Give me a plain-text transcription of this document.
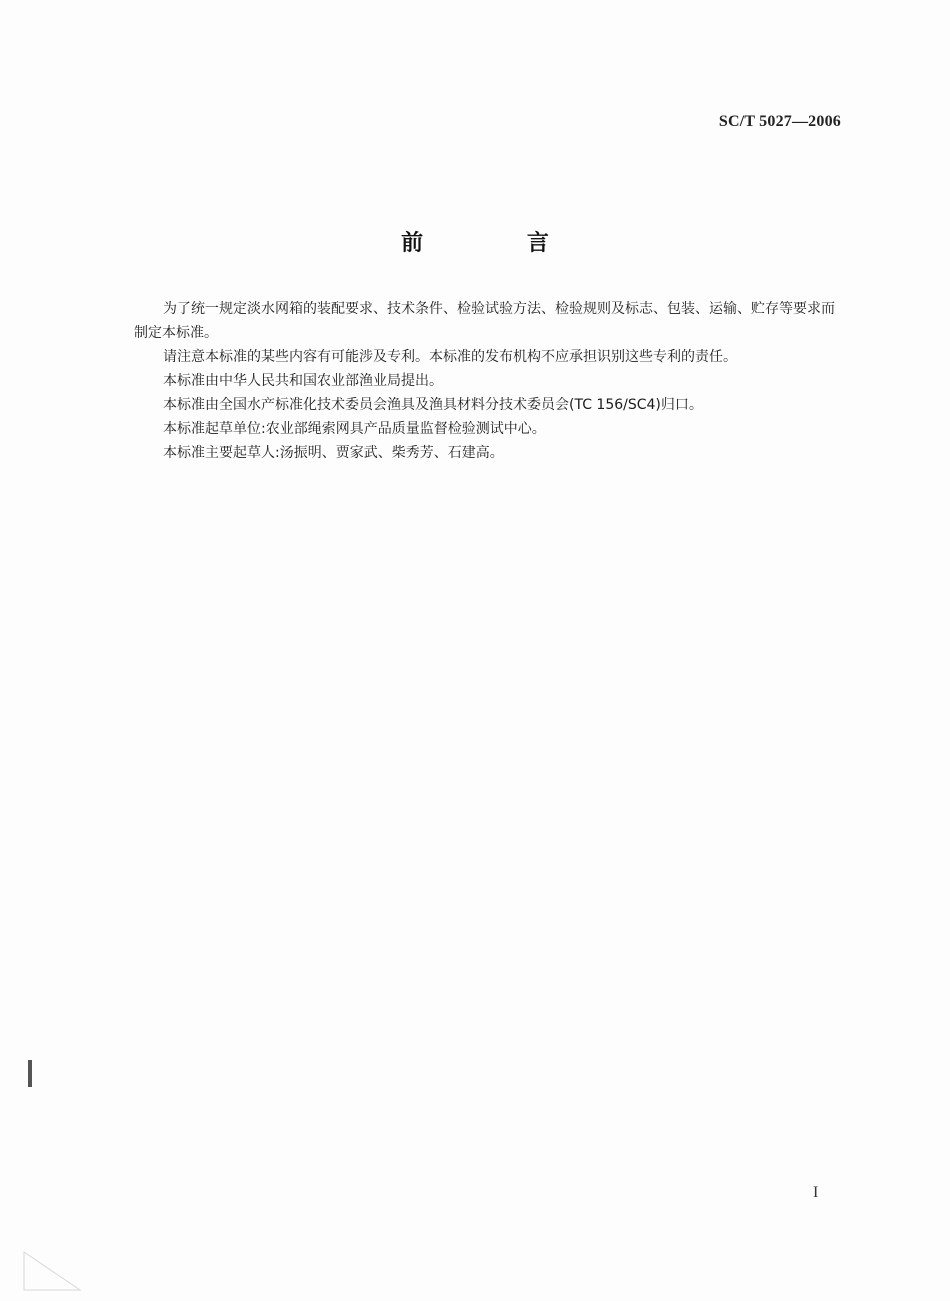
SC/T 5027—2006
前 言

为了统一规定淡水网箱的装配要求、技术条件、检验试验方法、检验规则及标志、包装、运输、贮存等要求而制定本标准。

请注意本标准的某些内容有可能涉及专利。本标准的发布机构不应承担识别这些专利的责任。

本标准由中华人民共和国农业部渔业局提出。

本标准由全国水产标准化技术委员会渔具及渔具材料分技术委员会(TC 156/SC4)归口。

本标准起草单位:农业部绳索网具产品质量监督检验测试中心。

本标准主要起草人:汤振明、贾家武、柴秀芳、石建高。

I
